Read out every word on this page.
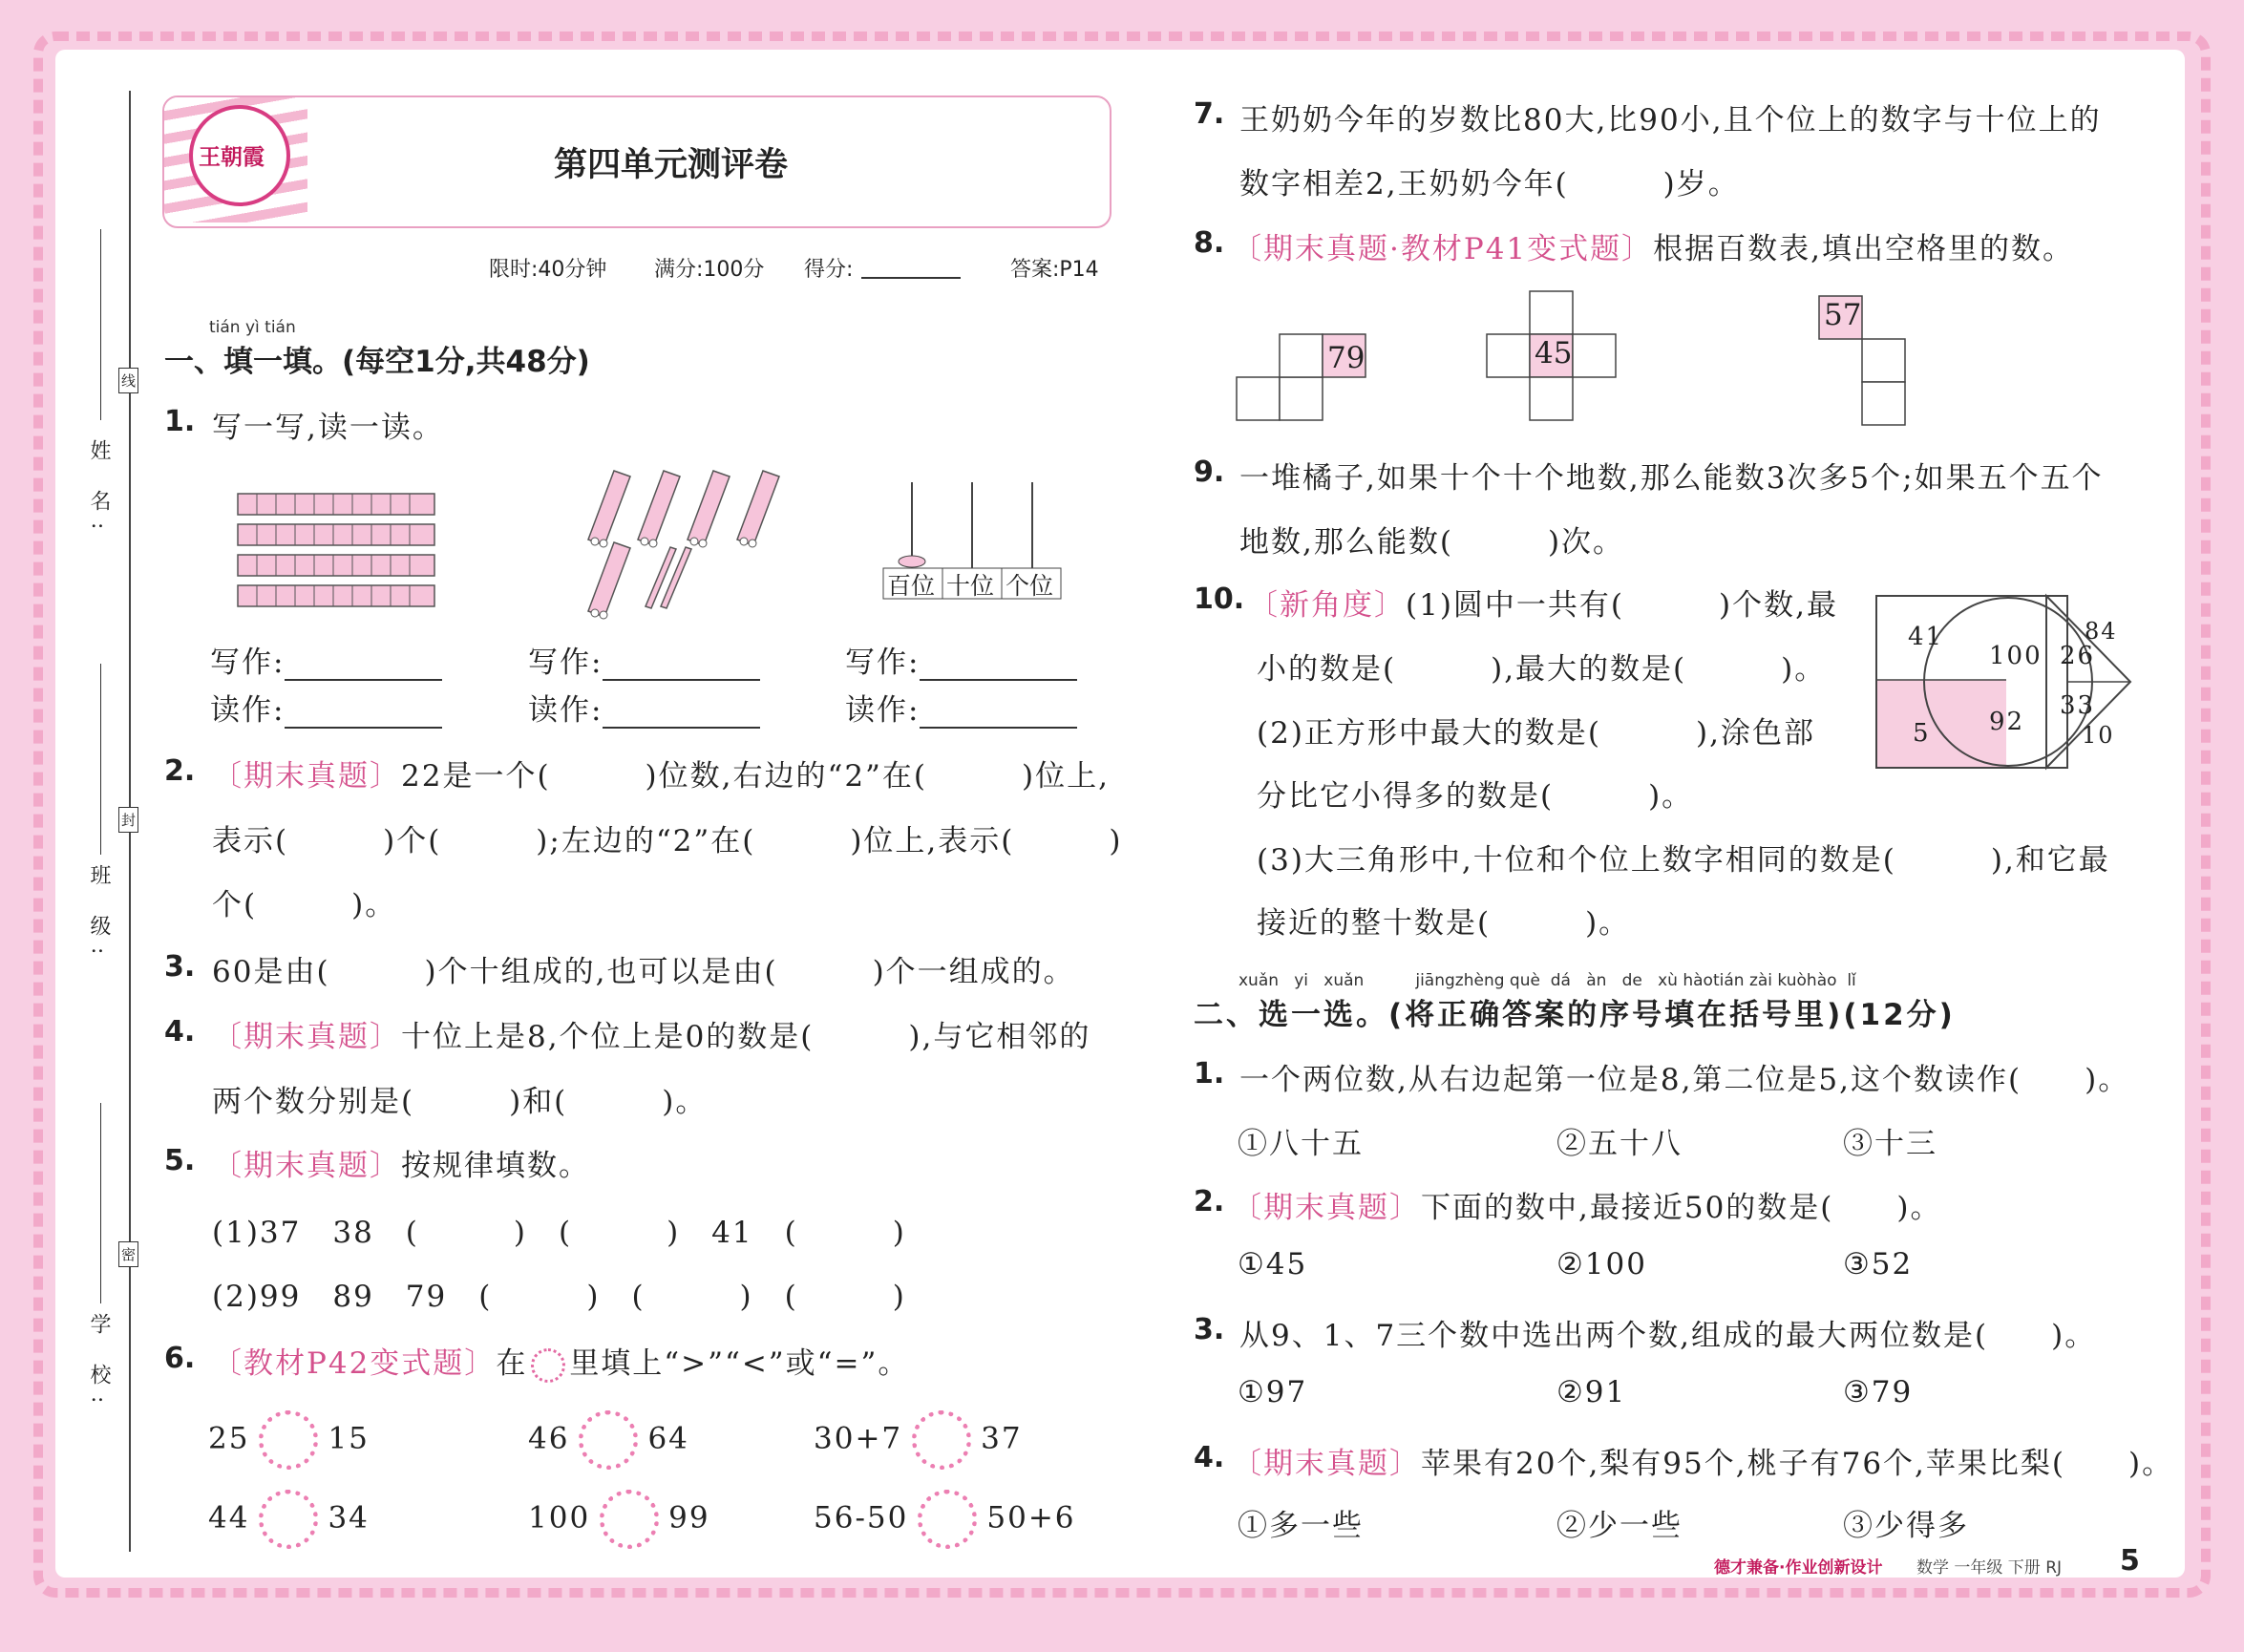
姓 名:
班 级:
学 校:
线
封
密
王朝霞	第四单元测评卷
限时:40分钟 满分:100分 得分:	答案:P14
tián yì tián
一、填一填。(每空1分,共48分)
1. 写一写,读一读。
百位 十位 个位
写作:
读作:
写作:
读作:
写作:
读作:
2. 〔期末真题〕22是一个(　　　)位数,右边的“2”在(　　　)位上,
表示(　　　)个(　　　);左边的“2”在(　　　)位上,表示(　　　)
个(　　　)。
3. 60是由(　　　)个十组成的,也可以是由(　　　)个一组成的。
4. 〔期末真题〕十位上是8,个位上是0的数是(　　　),与它相邻的
两个数分别是(　　　)和(　　　)。
5. 〔期末真题〕按规律填数。
(1)37　38　(　　　)　(　　　)　41　(　　　)
(2)99　89　79　(　　　)　(　　　)　(　　　)
6. 〔教材P42变式题〕在 里填上“>”“<”或“=”。
25	15	46	64	30+7	37
44	34	100	99	56-50	50+6
7. 王奶奶今年的岁数比80大,比90小,且个位上的数字与十位上的
数字相差2,王奶奶今年(　　　)岁。
8. 〔期末真题·教材P41变式题〕根据百数表,填出空格里的数。
79	45
57
9. 一堆橘子,如果十个十个地数,那么能数3次多5个;如果五个五个
地数,那么能数(　　　)次。
10. 〔新角度〕(1)圆中一共有(　　　)个数,最
小的数是(　　　),最大的数是(　　　)。
(2)正方形中最大的数是(　　　),涂色部
分比它小得多的数是(　　　)。
(3)大三角形中,十位和个位上数字相同的数是(　　　),和它最
接近的整十数是(　　　)。
41
100 26
84
5 92
33
10
xuǎn yi xuǎn	jiāngzhèng què dá àn de xù hàotián zài kuòhào lǐ
二、选一选。(将正确答案的序号填在括号里)(12分)
1. 一个两位数,从右边起第一位是8,第二位是5,这个数读作(　　)。
①八十五	②五十八	③十三
2. 〔期末真题〕下面的数中,最接近50的数是(　　)。
①45	②100	③52
3. 从9、1、7三个数中选出两个数,组成的最大两位数是(　　)。
①97	②91	③79
4. 〔期末真题〕苹果有20个,梨有95个,桃子有76个,苹果比梨(　　)。
①多一些	②少一些	③少得多
德才兼备·作业创新设计 数学 一年级 下册 RJ 5
